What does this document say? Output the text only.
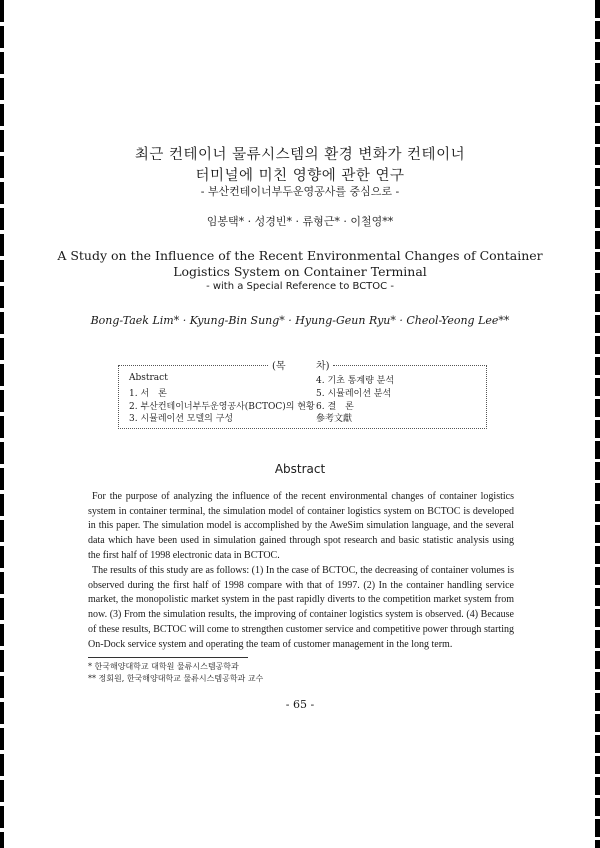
최근 컨테이너 물류시스템의 환경 변화가 컨테이너
터미널에 미친 영향에 관한 연구
- 부산컨테이너부두운영공사를 중심으로 -
임봉택* · 성경빈* · 류형근* · 이철영**
A Study on the Influence of the Recent Environmental Changes of Container
Logistics System on Container Terminal
- with a Special Reference to BCTOC -
Bong-Taek Lim* · Kyung-Bin Sung* · Hyung-Geun Ryu* · Cheol-Yeong Lee**
(목	차)
Abstract
1. 서　론
2. 부산컨테이너부두운영공사(BCTOC)의 현황
3. 시뮬레이션 모델의 구성
4. 기초 통계량 분석
5. 시뮬레이션 분석
6. 결　론
參考文獻
Abstract

For the purpose of analyzing the influence of the recent environmental changes of container logistics system in container terminal, the simulation model of container logistics system on BCTOC is developed in this paper. The simulation model is accomplished by the AweSim simulation language, and the several data which have been used in simulation gained through spot research and basic statistic analysis using the first half of 1998 electronic data in BCTOC.

The results of this study are as follows: (1) In the case of BCTOC, the decreasing of container volumes is observed during the first half of 1998 compare with that of 1997. (2) In the container handling service market, the monopolistic market system in the past rapidly diverts to the competition market system from now. (3) From the simulation results, the improving of container logistics system is observed. (4) Because of these results, BCTOC will come to strengthen customer service and competitive power through starting On-Dock service system and operating the team of customer management in the long term.

* 한국해양대학교 대학원 물류시스템공학과
** 정회원, 한국해양대학교 물류시스템공학과 교수
- 65 -
